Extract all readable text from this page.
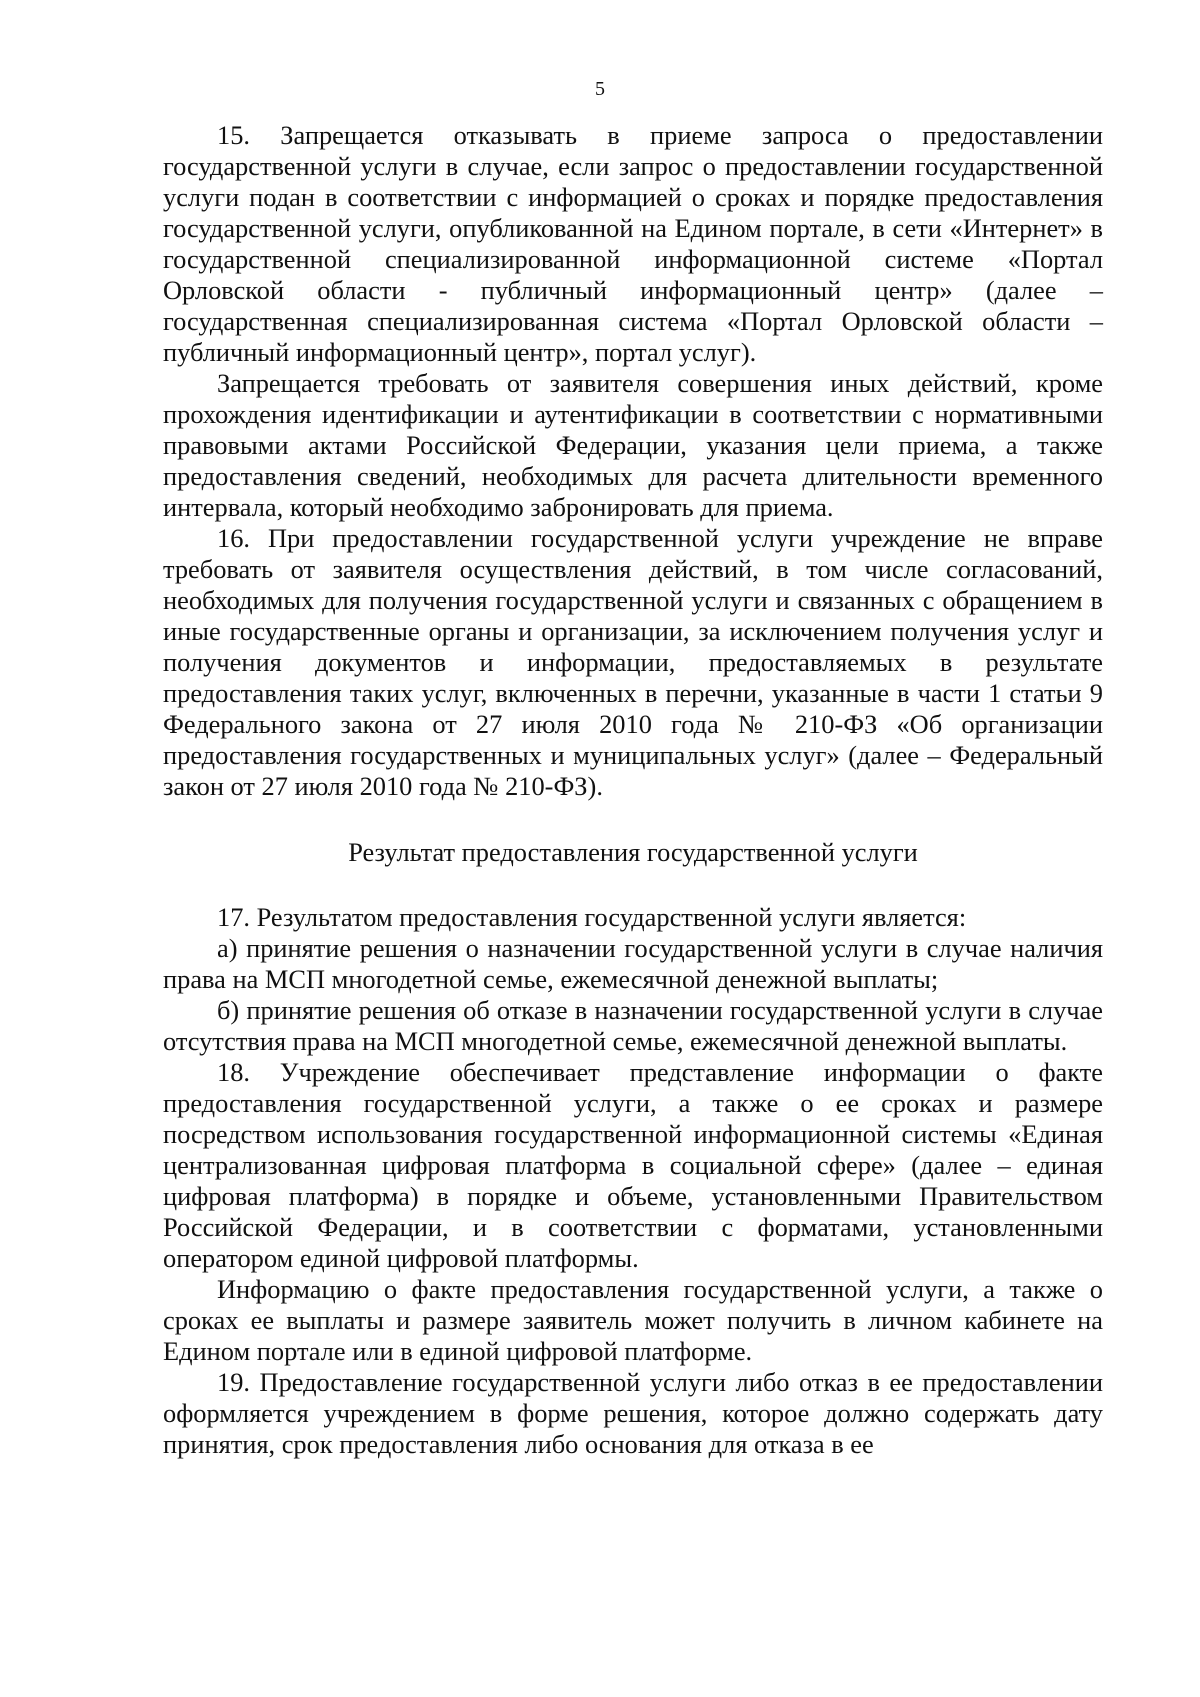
5

15. Запрещается отказывать в приеме запроса о предоставлении государственной услуги в случае, если запрос о предоставлении государственной услуги подан в соответствии с информацией о сроках и порядке предоставления государственной услуги, опубликованной на Едином портале, в сети «Интернет» в государственной специализированной информационной системе «Портал Орловской области - публичный информационный центр» (далее – государственная специализированная система «Портал Орловской области – публичный информационный центр», портал услуг).

Запрещается требовать от заявителя совершения иных действий, кроме прохождения идентификации и аутентификации в соответствии с нормативными правовыми актами Российской Федерации, указания цели приема, а также предоставления сведений, необходимых для расчета длительности временного интервала, который необходимо забронировать для приема.

16. При предоставлении государственной услуги учреждение не вправе требовать от заявителя осуществления действий, в том числе согласований, необходимых для получения государственной услуги и связанных с обращением в иные государственные органы и организации, за исключением получения услуг и получения документов и информации, предоставляемых в результате предоставления таких услуг, включенных в перечни, указанные в части 1 статьи 9 Федерального закона от 27 июля 2010 года № 210-ФЗ «Об организации предоставления государственных и муниципальных услуг» (далее – Федеральный закон от 27 июля 2010 года № 210-ФЗ).

Результат предоставления государственной услуги

17. Результатом предоставления государственной услуги является:

а) принятие решения о назначении государственной услуги в случае наличия права на МСП многодетной семье, ежемесячной денежной выплаты;

б) принятие решения об отказе в назначении государственной услуги в случае отсутствия права на МСП многодетной семье, ежемесячной денежной выплаты.

18. Учреждение обеспечивает представление информации о факте предоставления государственной услуги, а также о ее сроках и размере посредством использования государственной информационной системы «Единая централизованная цифровая платформа в социальной сфере» (далее – единая цифровая платформа) в порядке и объеме, установленными Правительством Российской Федерации, и в соответствии с форматами, установленными оператором единой цифровой платформы.

Информацию о факте предоставления государственной услуги, а также о сроках ее выплаты и размере заявитель может получить в личном кабинете на Едином портале или в единой цифровой платформе.

19. Предоставление государственной услуги либо отказ в ее предоставлении оформляется учреждением в форме решения, которое должно содержать дату принятия, срок предоставления либо основания для отказа в ее
